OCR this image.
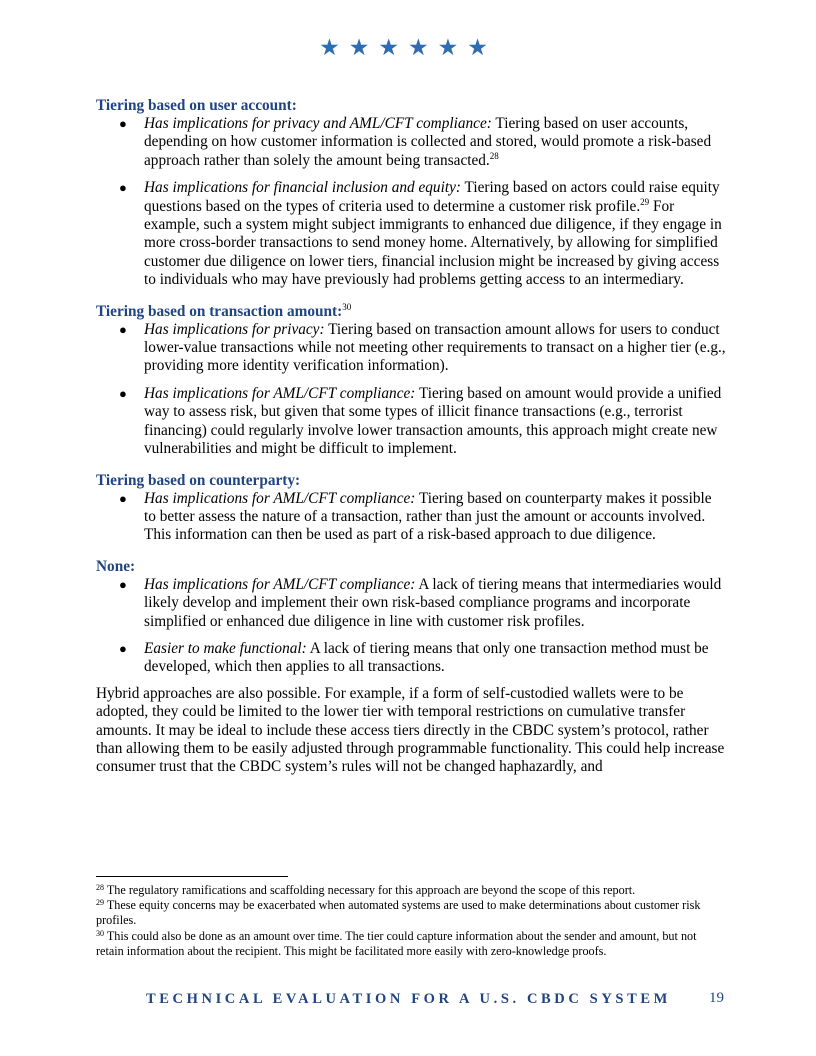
★★★★★★

Tiering based on user account:

● Has implications for privacy and AML/CFT compliance: Tiering based on user accounts, depending on how customer information is collected and stored, would promote a risk-based approach rather than solely the amount being transacted.$^{28}$
● Has implications for financial inclusion and equity: Tiering based on actors could raise equity questions based on the types of criteria used to determine a customer risk profile.$^{29}$ For example, such a system might subject immigrants to enhanced due diligence, if they engage in more cross-border transactions to send money home. Alternatively, by allowing for simplified customer due diligence on lower tiers, financial inclusion might be increased by giving access to individuals who may have previously had problems getting access to an intermediary.

Tiering based on transaction amount:$^{30}$

● Has implications for privacy: Tiering based on transaction amount allows for users to conduct lower-value transactions while not meeting other requirements to transact on a higher tier (e.g., providing more identity verification information).
● Has implications for AML/CFT compliance: Tiering based on amount would provide a unified way to assess risk, but given that some types of illicit finance transactions (e.g., terrorist financing) could regularly involve lower transaction amounts, this approach might create new vulnerabilities and might be difficult to implement.

Tiering based on counterparty:

● Has implications for AML/CFT compliance: Tiering based on counterparty makes it possible to better assess the nature of a transaction, rather than just the amount or accounts involved. This information can then be used as part of a risk-based approach to due diligence.

None:

● Has implications for AML/CFT compliance: A lack of tiering means that intermediaries would likely develop and implement their own risk-based compliance programs and incorporate simplified or enhanced due diligence in line with customer risk profiles.
● Easier to make functional: A lack of tiering means that only one transaction method must be developed, which then applies to all transactions.

Hybrid approaches are also possible. For example, if a form of self-custodied wallets were to be adopted, they could be limited to the lower tier with temporal restrictions on cumulative transfer amounts. It may be ideal to include these access tiers directly in the CBDC system’s protocol, rather than allowing them to be easily adjusted through programmable functionality. This could help increase consumer trust that the CBDC system’s rules will not be changed haphazardly, and

$^{28}$ The regulatory ramifications and scaffolding necessary for this approach are beyond the scope of this report.

$^{29}$ These equity concerns may be exacerbated when automated systems are used to make determinations about customer risk profiles.

$^{30}$ This could also be done as an amount over time. The tier could capture information about the sender and amount, but not retain information about the recipient. This might be facilitated more easily with zero-knowledge proofs.

TECHNICAL EVALUATION FOR A U.S. CBDC SYSTEM	19
